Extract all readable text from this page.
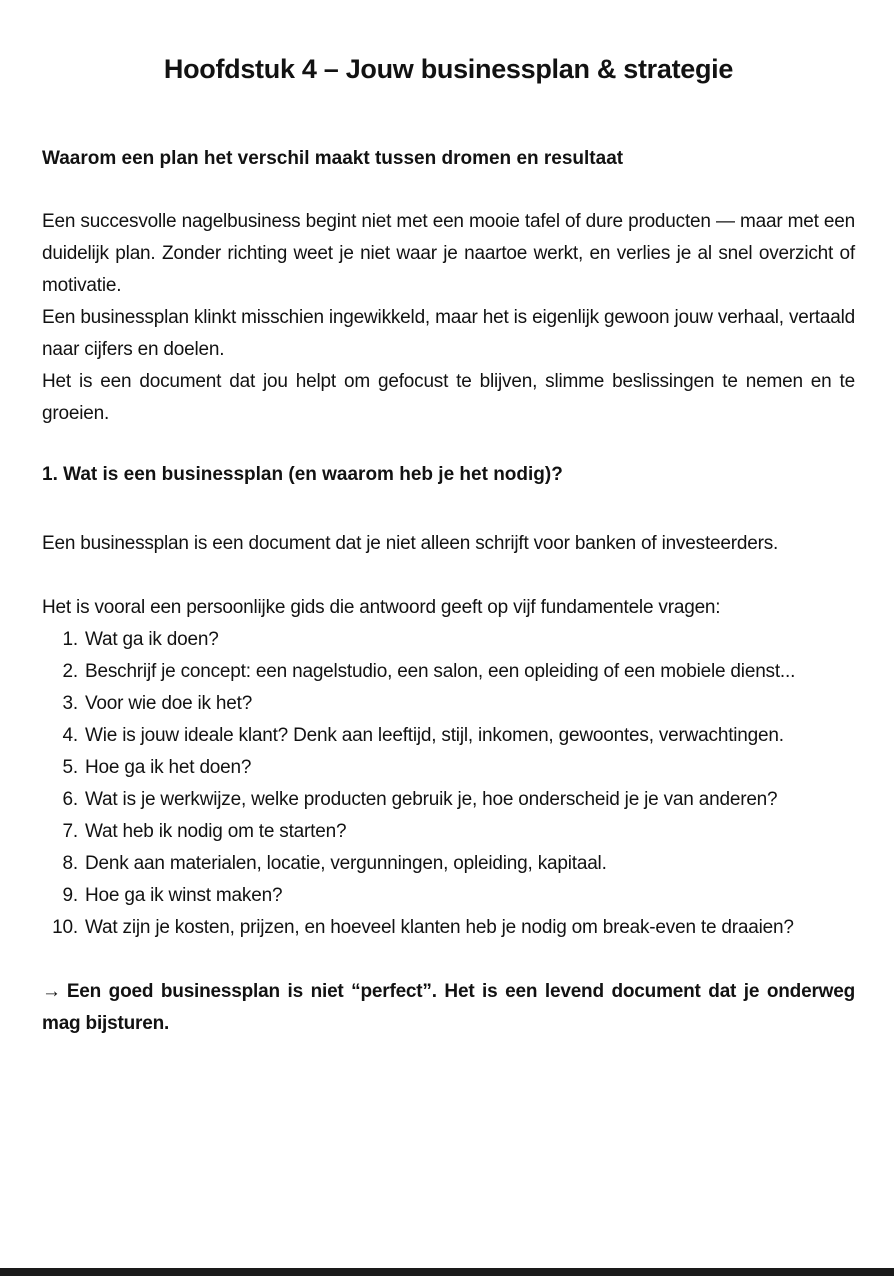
Hoofdstuk 4 – Jouw businessplan & strategie
Waarom een plan het verschil maakt tussen dromen en resultaat

Een succesvolle nagelbusiness begint niet met een mooie tafel of dure producten — maar met een duidelijk plan. Zonder richting weet je niet waar je naartoe werkt, en verlies je al snel overzicht of motivatie.

Een businessplan klinkt misschien ingewikkeld, maar het is eigenlijk gewoon jouw verhaal, vertaald naar cijfers en doelen.

Het is een document dat jou helpt om gefocust te blijven, slimme beslissingen te nemen en te groeien.

1. Wat is een businessplan (en waarom heb je het nodig)?

Een businessplan is een document dat je niet alleen schrijft voor banken of investeerders.

Het is vooral een persoonlijke gids die antwoord geeft op vijf fundamentele vragen:

1. Wat ga ik doen?
2. Beschrijf je concept: een nagelstudio, een salon, een opleiding of een mobiele dienst...
3. Voor wie doe ik het?
4. Wie is jouw ideale klant? Denk aan leeftijd, stijl, inkomen, gewoontes, verwachtingen.
5. Hoe ga ik het doen?
6. Wat is je werkwijze, welke producten gebruik je, hoe onderscheid je je van anderen?
7. Wat heb ik nodig om te starten?
8. Denk aan materialen, locatie, vergunningen, opleiding, kapitaal.
9. Hoe ga ik winst maken?
10. Wat zijn je kosten, prijzen, en hoeveel klanten heb je nodig om break-even te draaien?

→ Een goed businessplan is niet “perfect”. Het is een levend document dat je onderweg mag bijsturen.
